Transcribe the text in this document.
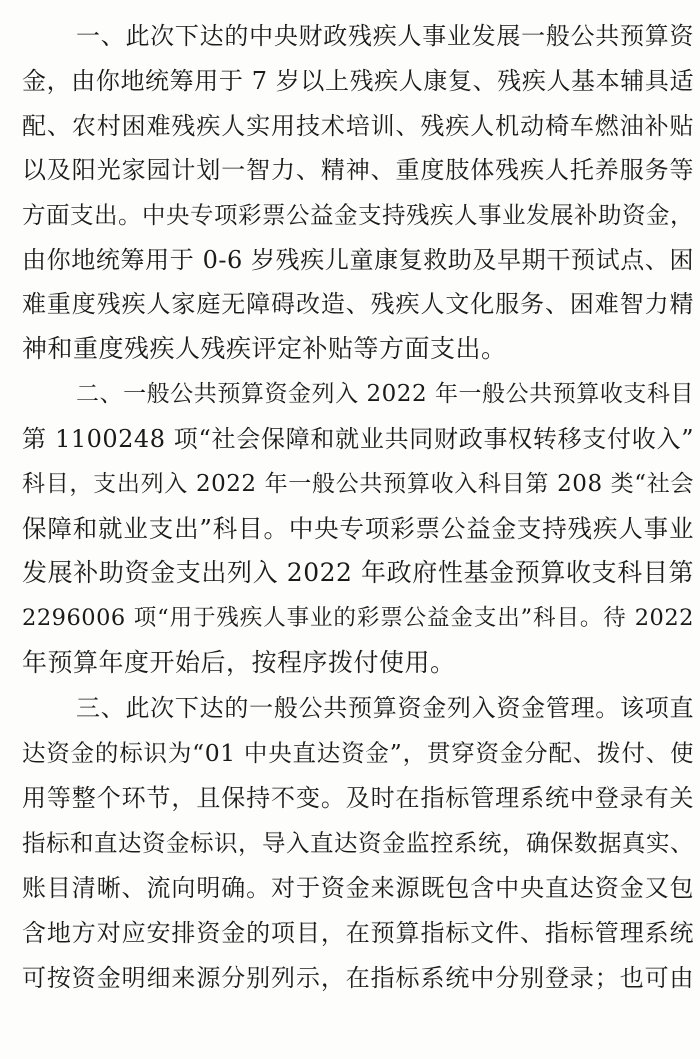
一、此次下达的中央财政残疾人事业发展一般公共预算资
金，由你地统筹用于 7 岁以上残疾人康复、残疾人基本辅具适
配、农村困难残疾人实用技术培训、残疾人机动椅车燃油补贴
以及阳光家园计划一智力、精神、重度肢体残疾人托养服务等
方面支出。中央专项彩票公益金支持残疾人事业发展补助资金，
由你地统筹用于 0-6 岁残疾儿童康复救助及早期干预试点、困
难重度残疾人家庭无障碍改造、残疾人文化服务、困难智力精
神和重度残疾人残疾评定补贴等方面支出。
二、一般公共预算资金列入 2022 年一般公共预算收支科目
第 1100248 项“社会保障和就业共同财政事权转移支付收入”
科目，支出列入 2022 年一般公共预算收入科目第 208 类“社会
保障和就业支出”科目。中央专项彩票公益金支持残疾人事业
发展补助资金支出列入 2022 年政府性基金预算收支科目第
2296006 项“用于残疾人事业的彩票公益金支出”科目。待 2022
年预算年度开始后，按程序拨付使用。
三、此次下达的一般公共预算资金列入资金管理。该项直
达资金的标识为“01 中央直达资金”，贯穿资金分配、拨付、使
用等整个环节，且保持不变。及时在指标管理系统中登录有关
指标和直达资金标识，导入直达资金监控系统，确保数据真实、
账目清晰、流向明确。对于资金来源既包含中央直达资金又包
含地方对应安排资金的项目，在预算指标文件、指标管理系统
可按资金明细来源分别列示，在指标系统中分别登录；也可由
